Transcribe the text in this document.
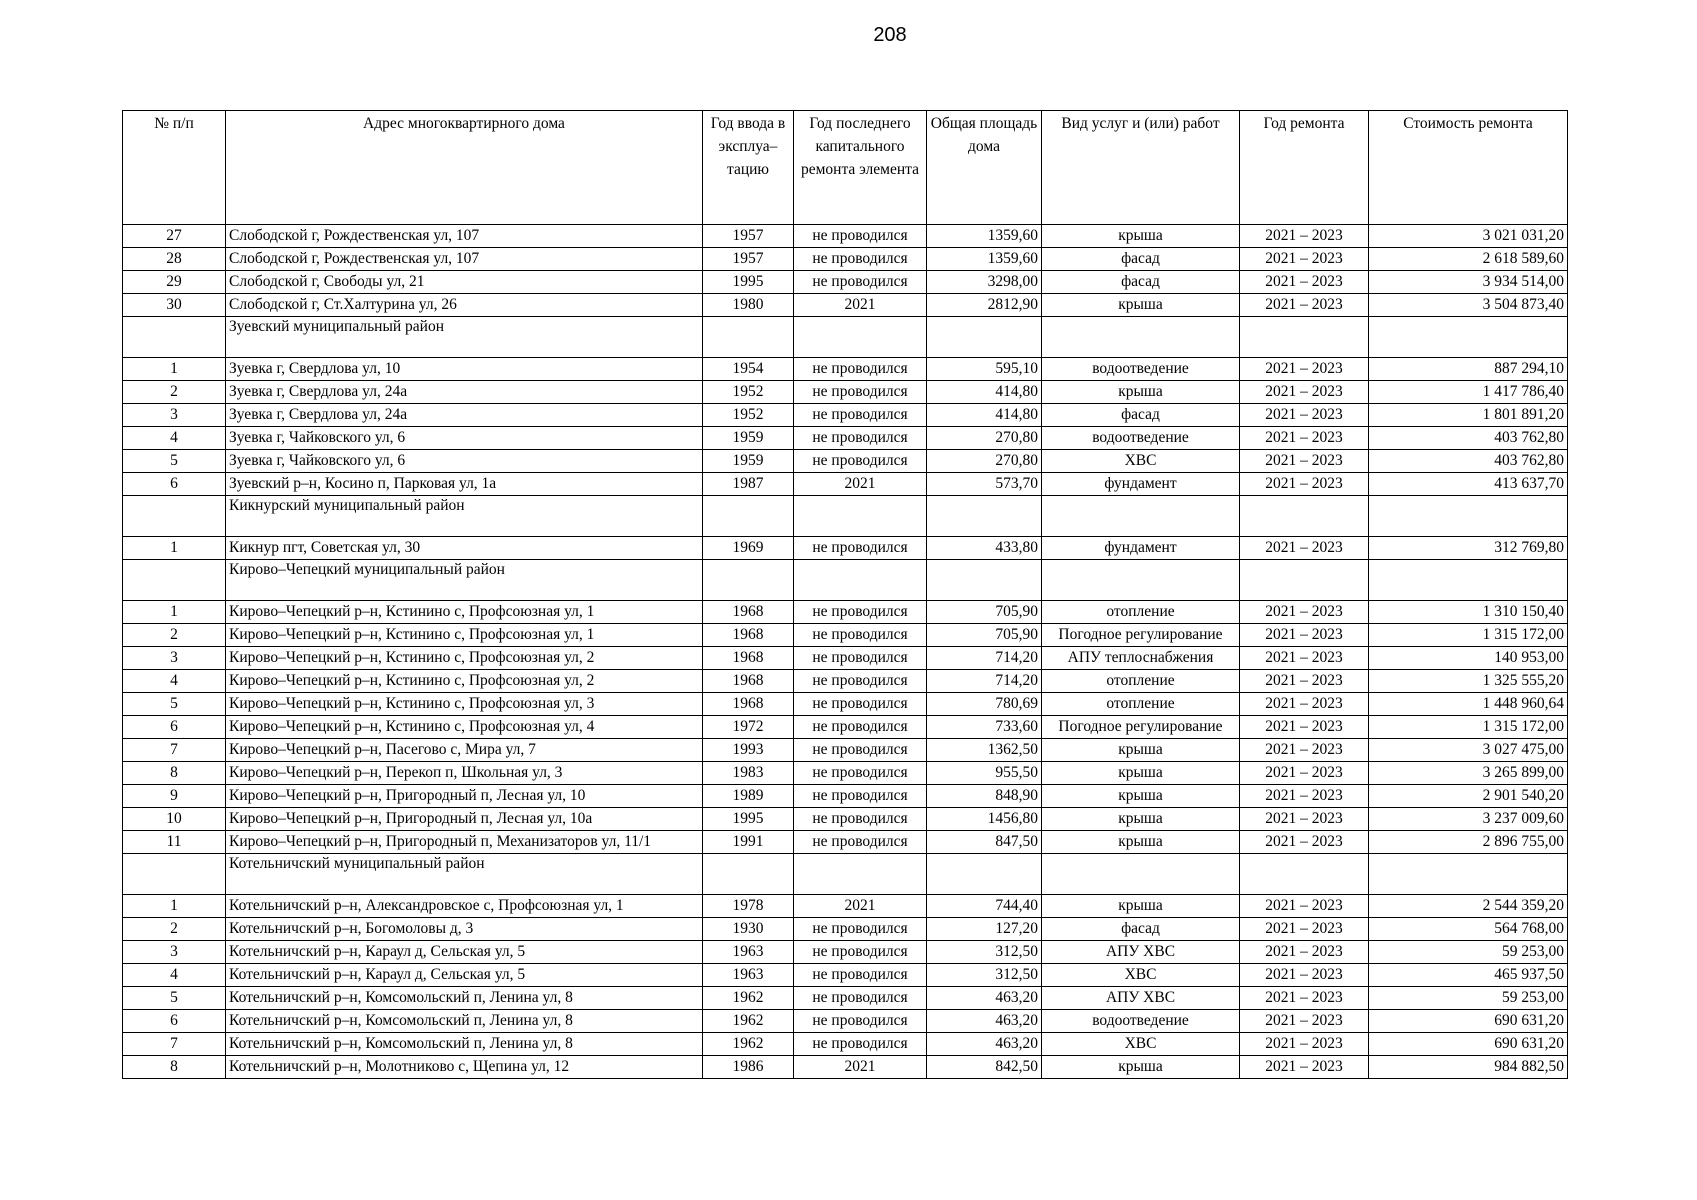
208
№ п/п	Адрес многоквартирного дома	Год ввода в эксплуа– тацию	Год последнего капитального ремонта элемента	Общая площадь дома	Вид услуг и (или) работ	Год ремонта	Стоимость ремонта
27	Слободской г, Рождественская ул, 107	1957	не проводился	1359,60	крыша	2021 – 2023	3 021 031,20
28	Слободской г, Рождественская ул, 107	1957	не проводился	1359,60	фасад	2021 – 2023	2 618 589,60
29	Слободской г, Свободы ул, 21	1995	не проводился	3298,00	фасад	2021 – 2023	3 934 514,00
30	Слободской г, Ст.Халтурина ул, 26	1980	2021	2812,90	крыша	2021 – 2023	3 504 873,40
	Зуевский муниципальный район						
1	Зуевка г, Свердлова ул, 10	1954	не проводился	595,10	водоотведение	2021 – 2023	887 294,10
2	Зуевка г, Свердлова ул, 24а	1952	не проводился	414,80	крыша	2021 – 2023	1 417 786,40
3	Зуевка г, Свердлова ул, 24а	1952	не проводился	414,80	фасад	2021 – 2023	1 801 891,20
4	Зуевка г, Чайковского ул, 6	1959	не проводился	270,80	водоотведение	2021 – 2023	403 762,80
5	Зуевка г, Чайковского ул, 6	1959	не проводился	270,80	ХВС	2021 – 2023	403 762,80
6	Зуевский р–н, Косино п, Парковая ул, 1а	1987	2021	573,70	фундамент	2021 – 2023	413 637,70
	Кикнурский муниципальный район						
1	Кикнур пгт, Советская ул, 30	1969	не проводился	433,80	фундамент	2021 – 2023	312 769,80
	Кирово–Чепецкий муниципальный район						
1	Кирово–Чепецкий р–н, Кстинино с, Профсоюзная ул, 1	1968	не проводился	705,90	отопление	2021 – 2023	1 310 150,40
2	Кирово–Чепецкий р–н, Кстинино с, Профсоюзная ул, 1	1968	не проводился	705,90	Погодное регулирование	2021 – 2023	1 315 172,00
3	Кирово–Чепецкий р–н, Кстинино с, Профсоюзная ул, 2	1968	не проводился	714,20	АПУ теплоснабжения	2021 – 2023	140 953,00
4	Кирово–Чепецкий р–н, Кстинино с, Профсоюзная ул, 2	1968	не проводился	714,20	отопление	2021 – 2023	1 325 555,20
5	Кирово–Чепецкий р–н, Кстинино с, Профсоюзная ул, 3	1968	не проводился	780,69	отопление	2021 – 2023	1 448 960,64
6	Кирово–Чепецкий р–н, Кстинино с, Профсоюзная ул, 4	1972	не проводился	733,60	Погодное регулирование	2021 – 2023	1 315 172,00
7	Кирово–Чепецкий р–н, Пасегово с, Мира ул, 7	1993	не проводился	1362,50	крыша	2021 – 2023	3 027 475,00
8	Кирово–Чепецкий р–н, Перекоп п, Школьная ул, 3	1983	не проводился	955,50	крыша	2021 – 2023	3 265 899,00
9	Кирово–Чепецкий р–н, Пригородный п, Лесная ул, 10	1989	не проводился	848,90	крыша	2021 – 2023	2 901 540,20
10	Кирово–Чепецкий р–н, Пригородный п, Лесная ул, 10а	1995	не проводился	1456,80	крыша	2021 – 2023	3 237 009,60
11	Кирово–Чепецкий р–н, Пригородный п, Механизаторов ул, 11/1	1991	не проводился	847,50	крыша	2021 – 2023	2 896 755,00
	Котельничский муниципальный район						
1	Котельничский р–н, Александровское с, Профсоюзная ул, 1	1978	2021	744,40	крыша	2021 – 2023	2 544 359,20
2	Котельничский р–н, Богомоловы д, 3	1930	не проводился	127,20	фасад	2021 – 2023	564 768,00
3	Котельничский р–н, Караул д, Сельская ул, 5	1963	не проводился	312,50	АПУ ХВС	2021 – 2023	59 253,00
4	Котельничский р–н, Караул д, Сельская ул, 5	1963	не проводился	312,50	ХВС	2021 – 2023	465 937,50
5	Котельничский р–н, Комсомольский п, Ленина ул, 8	1962	не проводился	463,20	АПУ ХВС	2021 – 2023	59 253,00
6	Котельничский р–н, Комсомольский п, Ленина ул, 8	1962	не проводился	463,20	водоотведение	2021 – 2023	690 631,20
7	Котельничский р–н, Комсомольский п, Ленина ул, 8	1962	не проводился	463,20	ХВС	2021 – 2023	690 631,20
8	Котельничский р–н, Молотниково с, Щепина ул, 12	1986	2021	842,50	крыша	2021 – 2023	984 882,50
